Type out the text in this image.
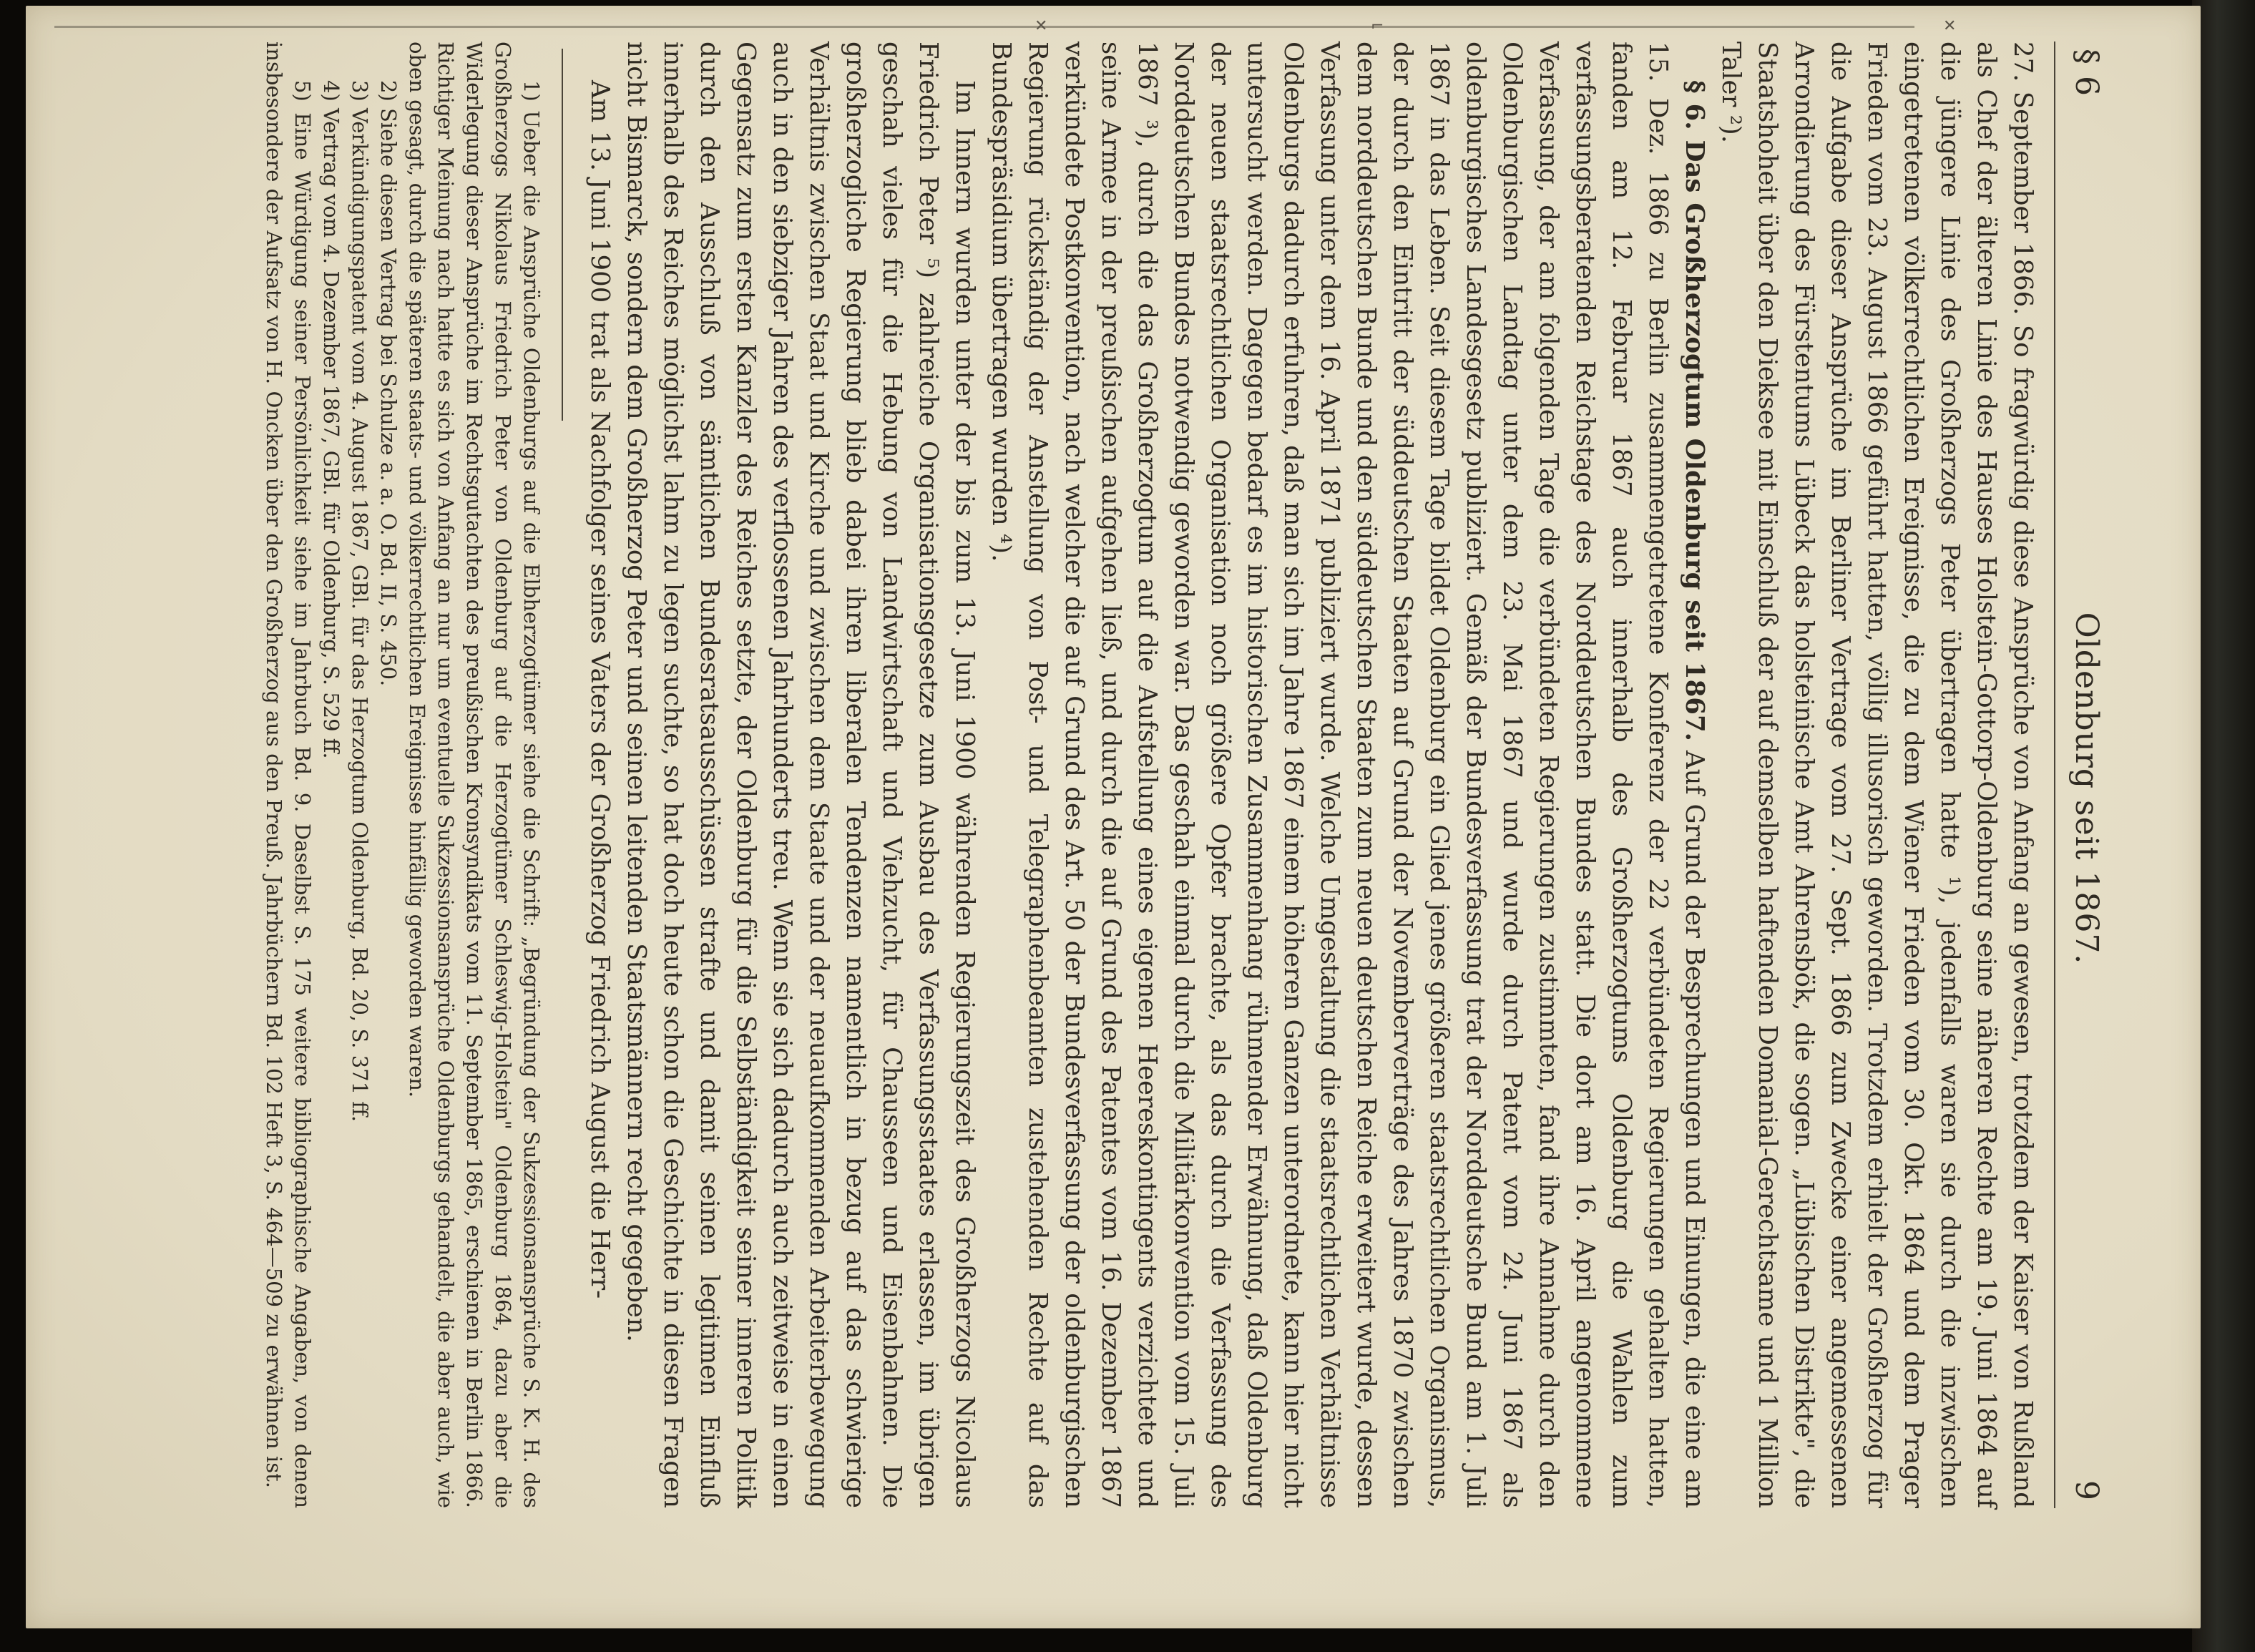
✕	⌐	✕
§ 6
Oldenburg seit 1867.
9

27. September 1866. So fragwürdig diese Ansprüche von Anfang an gewesen, trotzdem der Kaiser von Rußland als Chef der älteren Linie des Hauses Holstein-Gottorp-Oldenburg seine näheren Rechte am 19. Juni 1864 auf die jüngere Linie des Großherzogs Peter übertragen hatte ¹), jedenfalls waren sie durch die inzwischen eingetretenen völkerrechtlichen Ereignisse, die zu dem Wiener Frieden vom 30. Okt. 1864 und dem Prager Frieden vom 23. August 1866 geführt hatten, völlig illusorisch geworden. Trotzdem erhielt der Großherzog für die Aufgabe dieser Ansprüche im Berliner Vertrage vom 27. Sept. 1866 zum Zwecke einer angemessenen Arrondierung des Fürstentums Lübeck das holsteinische Amt Ahrensbök, die sogen. „Lübischen Distrikte", die Staatshoheit über den Dieksee mit Einschluß der auf demselben haftenden Domanial-Gerechtsame und 1 Million Taler ²).

§ 6. Das Großherzogtum Oldenburg seit 1867. Auf Grund der Besprechungen und Einungen, die eine am 15. Dez. 1866 zu Berlin zusammengetretene Konferenz der 22 verbündeten Regierungen gehalten hatten, fanden am 12. Februar 1867 auch innerhalb des Großherzogtums Oldenburg die Wahlen zum verfassungsberatenden Reichstage des Norddeutschen Bundes statt. Die dort am 16. April angenommene Verfassung, der am folgenden Tage die verbündeten Regierungen zustimmten, fand ihre Annahme durch den Oldenburgischen Landtag unter dem 23. Mai 1867 und wurde durch Patent vom 24. Juni 1867 als oldenburgisches Landesgesetz publiziert. Gemäß der Bundesverfassung trat der Norddeutsche Bund am 1. Juli 1867 in das Leben. Seit diesem Tage bildet Oldenburg ein Glied jenes größeren staatsrechtlichen Organismus, der durch den Eintritt der süddeutschen Staaten auf Grund der Novemberverträge des Jahres 1870 zwischen dem norddeutschen Bunde und den süddeutschen Staaten zum neuen deutschen Reiche erweitert wurde, dessen Verfassung unter dem 16. April 1871 publiziert wurde. Welche Umgestaltung die staatsrechtlichen Verhältnisse Oldenburgs dadurch erfuhren, daß man sich im Jahre 1867 einem höheren Ganzen unterordnete, kann hier nicht untersucht werden. Dagegen bedarf es im historischen Zusammenhang rühmender Erwähnung, daß Oldenburg der neuen staatsrechtlichen Organisation noch größere Opfer brachte, als das durch die Verfassung des Norddeutschen Bundes notwendig geworden war. Das geschah einmal durch die Militärkonvention vom 15. Juli 1867 ³), durch die das Großherzogtum auf die Aufstellung eines eigenen Heereskontingents verzichtete und seine Armee in der preußischen aufgehen ließ, und durch die auf Grund des Patentes vom 16. Dezember 1867 verkündete Postkonvention, nach welcher die auf Grund des Art. 50 der Bundesverfassung der oldenburgischen Regierung rückständig der Anstellung von Post- und Telegraphenbeamten zustehenden Rechte auf das Bundespräsidium übertragen wurden ⁴).

Im Innern wurden unter der bis zum 13. Juni 1900 währenden Regierungszeit des Großherzogs Nicolaus Friedrich Peter ⁵) zahlreiche Organisationsgesetze zum Ausbau des Verfassungsstaates erlassen, im übrigen geschah vieles für die Hebung von Landwirtschaft und Viehzucht, für Chausseen und Eisenbahnen. Die großherzogliche Regierung blieb dabei ihren liberalen Tendenzen namentlich in bezug auf das schwierige Verhältnis zwischen Staat und Kirche und zwischen dem Staate und der neuaufkommenden Arbeiterbewegung auch in den siebziger Jahren des verflossenen Jahrhunderts treu. Wenn sie sich dadurch auch zeitweise in einen Gegensatz zum ersten Kanzler des Reiches setzte, der Oldenburg für die Selbständigkeit seiner inneren Politik durch den Ausschluß von sämtlichen Bundesratsausschüssen strafte und damit seinen legitimen Einfluß innerhalb des Reiches möglichst lahm zu legen suchte, so hat doch heute schon die Geschichte in diesen Fragen nicht Bismarck, sondern dem Großherzog Peter und seinen leitenden Staatsmännern recht gegeben.

Am 13. Juni 1900 trat als Nachfolger seines Vaters der Großherzog Friedrich August die Herr-

1) Ueber die Ansprüche Oldenburgs auf die Elbherzogtümer siehe die Schrift: „Begründung der Sukzessionsansprüche S. K. H. des Großherzogs Nikolaus Friedrich Peter von Oldenburg auf die Herzogtümer Schleswig-Holstein" Oldenburg 1864, dazu aber die Widerlegung dieser Ansprüche im Rechtsgutachten des preußischen Kronsyndikats vom 11. September 1865, erschienen in Berlin 1866. Richtiger Meinung nach hatte es sich von Anfang an nur um eventuelle Sukzessionsansprüche Oldenburgs gehandelt, die aber auch, wie oben gesagt, durch die späteren staats- und völkerrechtlichen Ereignisse hinfällig geworden waren.

2) Siehe diesen Vertrag bei Schulze a. a. O. Bd. II, S. 450.

3) Verkündigungspatent vom 4. August 1867, GBl. für das Herzogtum Oldenburg, Bd. 20, S. 371 ff.

4) Vertrag vom 4. Dezember 1867, GBl. für Oldenburg, S. 529 ff.

5) Eine Würdigung seiner Persönlichkeit siehe im Jahrbuch Bd. 9. Daselbst S. 175 weitere bibliographische Angaben, von denen insbesondere der Aufsatz von H. Oncken über den Großherzog aus den Preuß. Jahrbüchern Bd. 102 Heft 3, S. 464—509 zu erwähnen ist.
